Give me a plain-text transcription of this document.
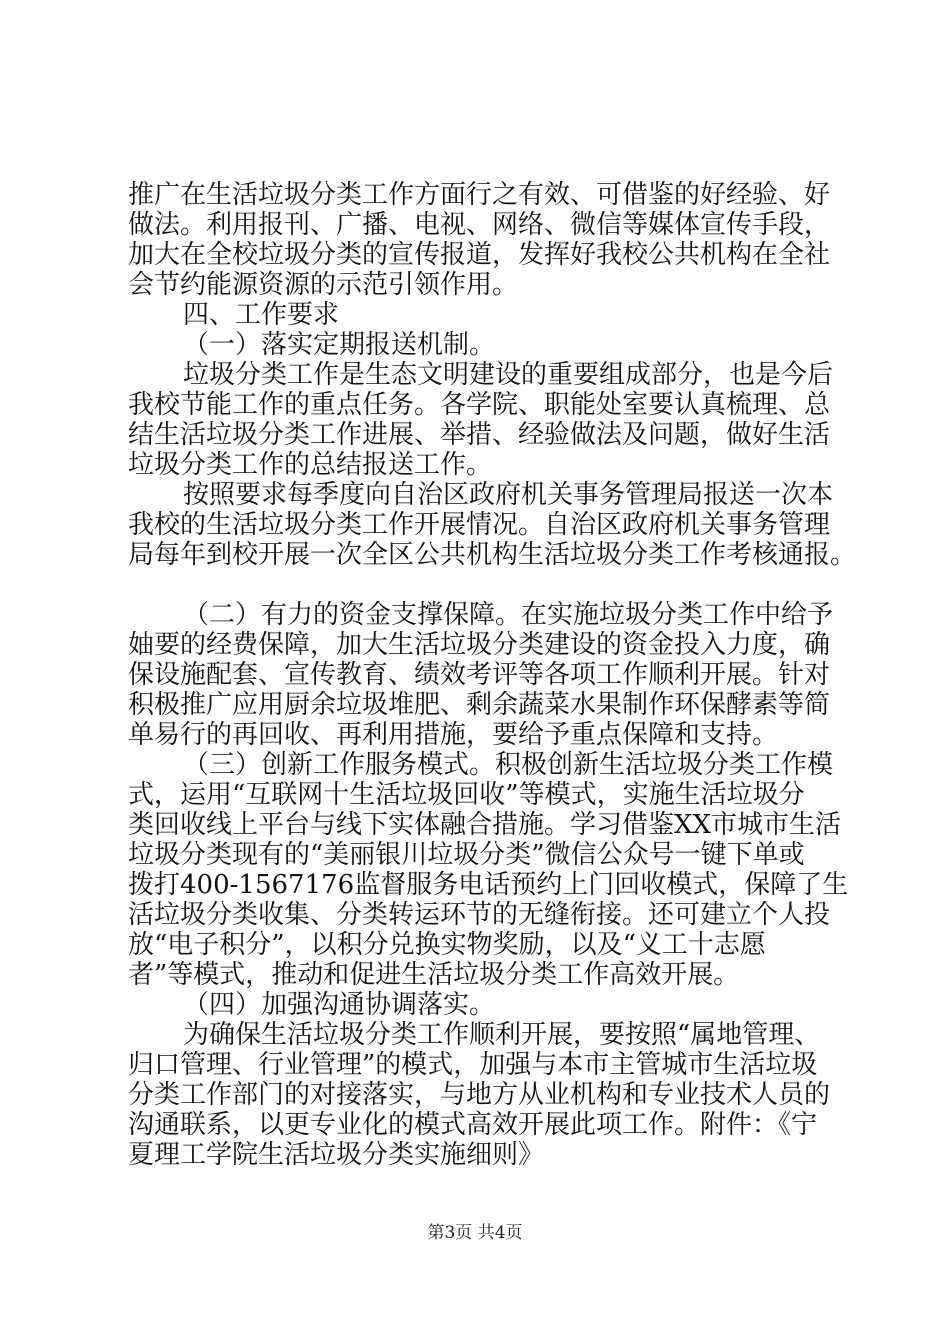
推广在生活垃圾分类工作方面行之有效、可借鉴的好经验、好
做法。利用报刊、广播、电视、网络、微信等媒体宣传手段，
加大在全校垃圾分类的宣传报道，发挥好我校公共机构在全社
会节约能源资源的示范引领作用。
四、工作要求
（一）落实定期报送机制。
垃圾分类工作是生态文明建设的重要组成部分，也是今后
我校节能工作的重点任务。各学院、职能处室要认真梳理、总
结生活垃圾分类工作进展、举措、经验做法及问题，做好生活
垃圾分类工作的总结报送工作。
按照要求每季度向自治区政府机关事务管理局报送一次本
我校的生活垃圾分类工作开展情况。自治区政府机关事务管理
局每年到校开展一次全区公共机构生活垃圾分类工作考核通报。
（二）有力的资金支撑保障。在实施垃圾分类工作中给予
妯要的经费保障，加大生活垃圾分类建设的资金投入力度，确
保设施配套、宣传教育、绩效考评等各项工作顺利开展。针对
积极推广应用厨余垃圾堆肥、剩余蔬菜水果制作环保酵素等简
单易行的再回收、再利用措施，要给予重点保障和支持。
（三）创新工作服务模式。积极创新生活垃圾分类工作模
式，运用“互联网十生活垃圾回收”等模式，实施生活垃圾分
类回收线上平台与线下实体融合措施。学习借鉴XX市城市生活
垃圾分类现有的“美丽银川垃圾分类”微信公众号一键下单或
拨打400-1567176监督服务电话预约上门回收模式，保障了生
活垃圾分类收集、分类转运环节的无缝衔接。还可建立个人投
放“电子积分”，以积分兑换实物奖励，以及“义工十志愿
者”等模式，推动和促进生活垃圾分类工作高效开展。
（四）加强沟通协调落实。
为确保生活垃圾分类工作顺利开展，要按照“属地管理、
归口管理、行业管理”的模式，加强与本市主管城市生活垃圾
分类工作部门的对接落实，与地方从业机构和专业技术人员的
沟通联系，以更专业化的模式高效开展此项工作。附件：《宁
夏理工学院生活垃圾分类实施细则》
第3页 共4页
